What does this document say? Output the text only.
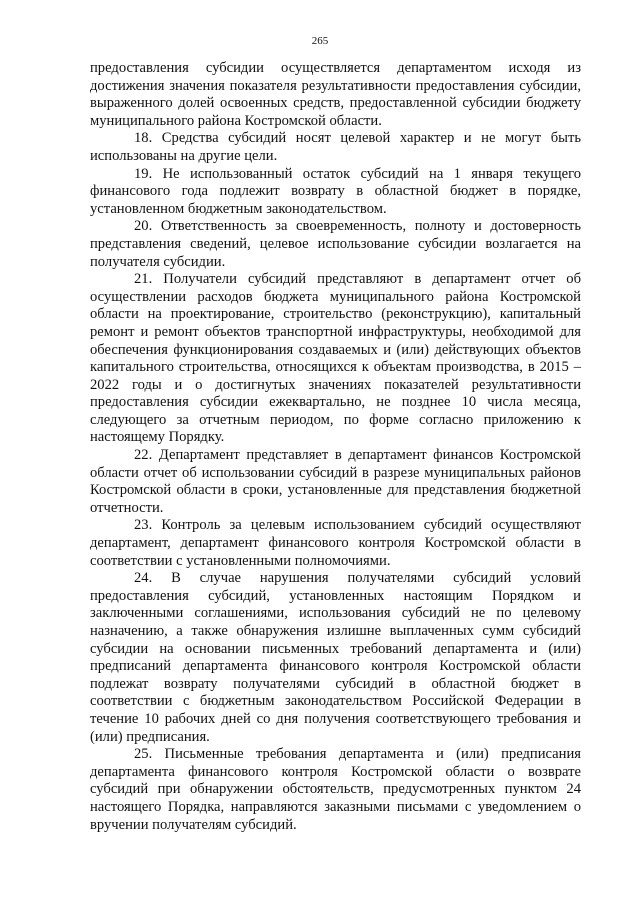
265

предоставления субсидии осуществляется департаментом исходя из достижения значения показателя результативности предоставления субсидии, выраженного долей освоенных средств, предоставленной субсидии бюджету муниципального района Костромской области.

18. Средства субсидий носят целевой характер и не могут быть использованы на другие цели.

19. Не использованный остаток субсидий на 1 января текущего финансового года подлежит возврату в областной бюджет в порядке, установленном бюджетным законодательством.

20. Ответственность за своевременность, полноту и достоверность представления сведений, целевое использование субсидии возлагается на получателя субсидии.

21. Получатели субсидий представляют в департамент отчет об осуществлении расходов бюджета муниципального района Костромской области на проектирование, строительство (реконструкцию), капитальный ремонт и ремонт объектов транспортной инфраструктуры, необходимой для обеспечения функционирования создаваемых и (или) действующих объектов капитального строительства, относящихся к объектам производства, в 2015 – 2022 годы и о достигнутых значениях показателей результативности предоставления субсидии ежеквартально, не позднее 10 числа месяца, следующего за отчетным периодом, по форме согласно приложению к настоящему Порядку.

22. Департамент представляет в департамент финансов Костромской области отчет об использовании субсидий в разрезе муниципальных районов Костромской области в сроки, установленные для представления бюджетной отчетности.

23. Контроль за целевым использованием субсидий осуществляют департамент, департамент финансового контроля Костромской области в соответствии с установленными полномочиями.

24. В случае нарушения получателями субсидий условий предоставления субсидий, установленных настоящим Порядком и заключенными соглашениями, использования субсидий не по целевому назначению, а также обнаружения излишне выплаченных сумм субсидий субсидии на основании письменных требований департамента и (или) предписаний департамента финансового контроля Костромской области подлежат возврату получателями субсидий в областной бюджет в соответствии с бюджетным законодательством Российской Федерации в течение 10 рабочих дней со дня получения соответствующего требования и (или) предписания.

25. Письменные требования департамента и (или) предписания департамента финансового контроля Костромской области о возврате субсидий при обнаружении обстоятельств, предусмотренных пунктом 24 настоящего Порядка, направляются заказными письмами с уведомлением о вручении получателям субсидий.
